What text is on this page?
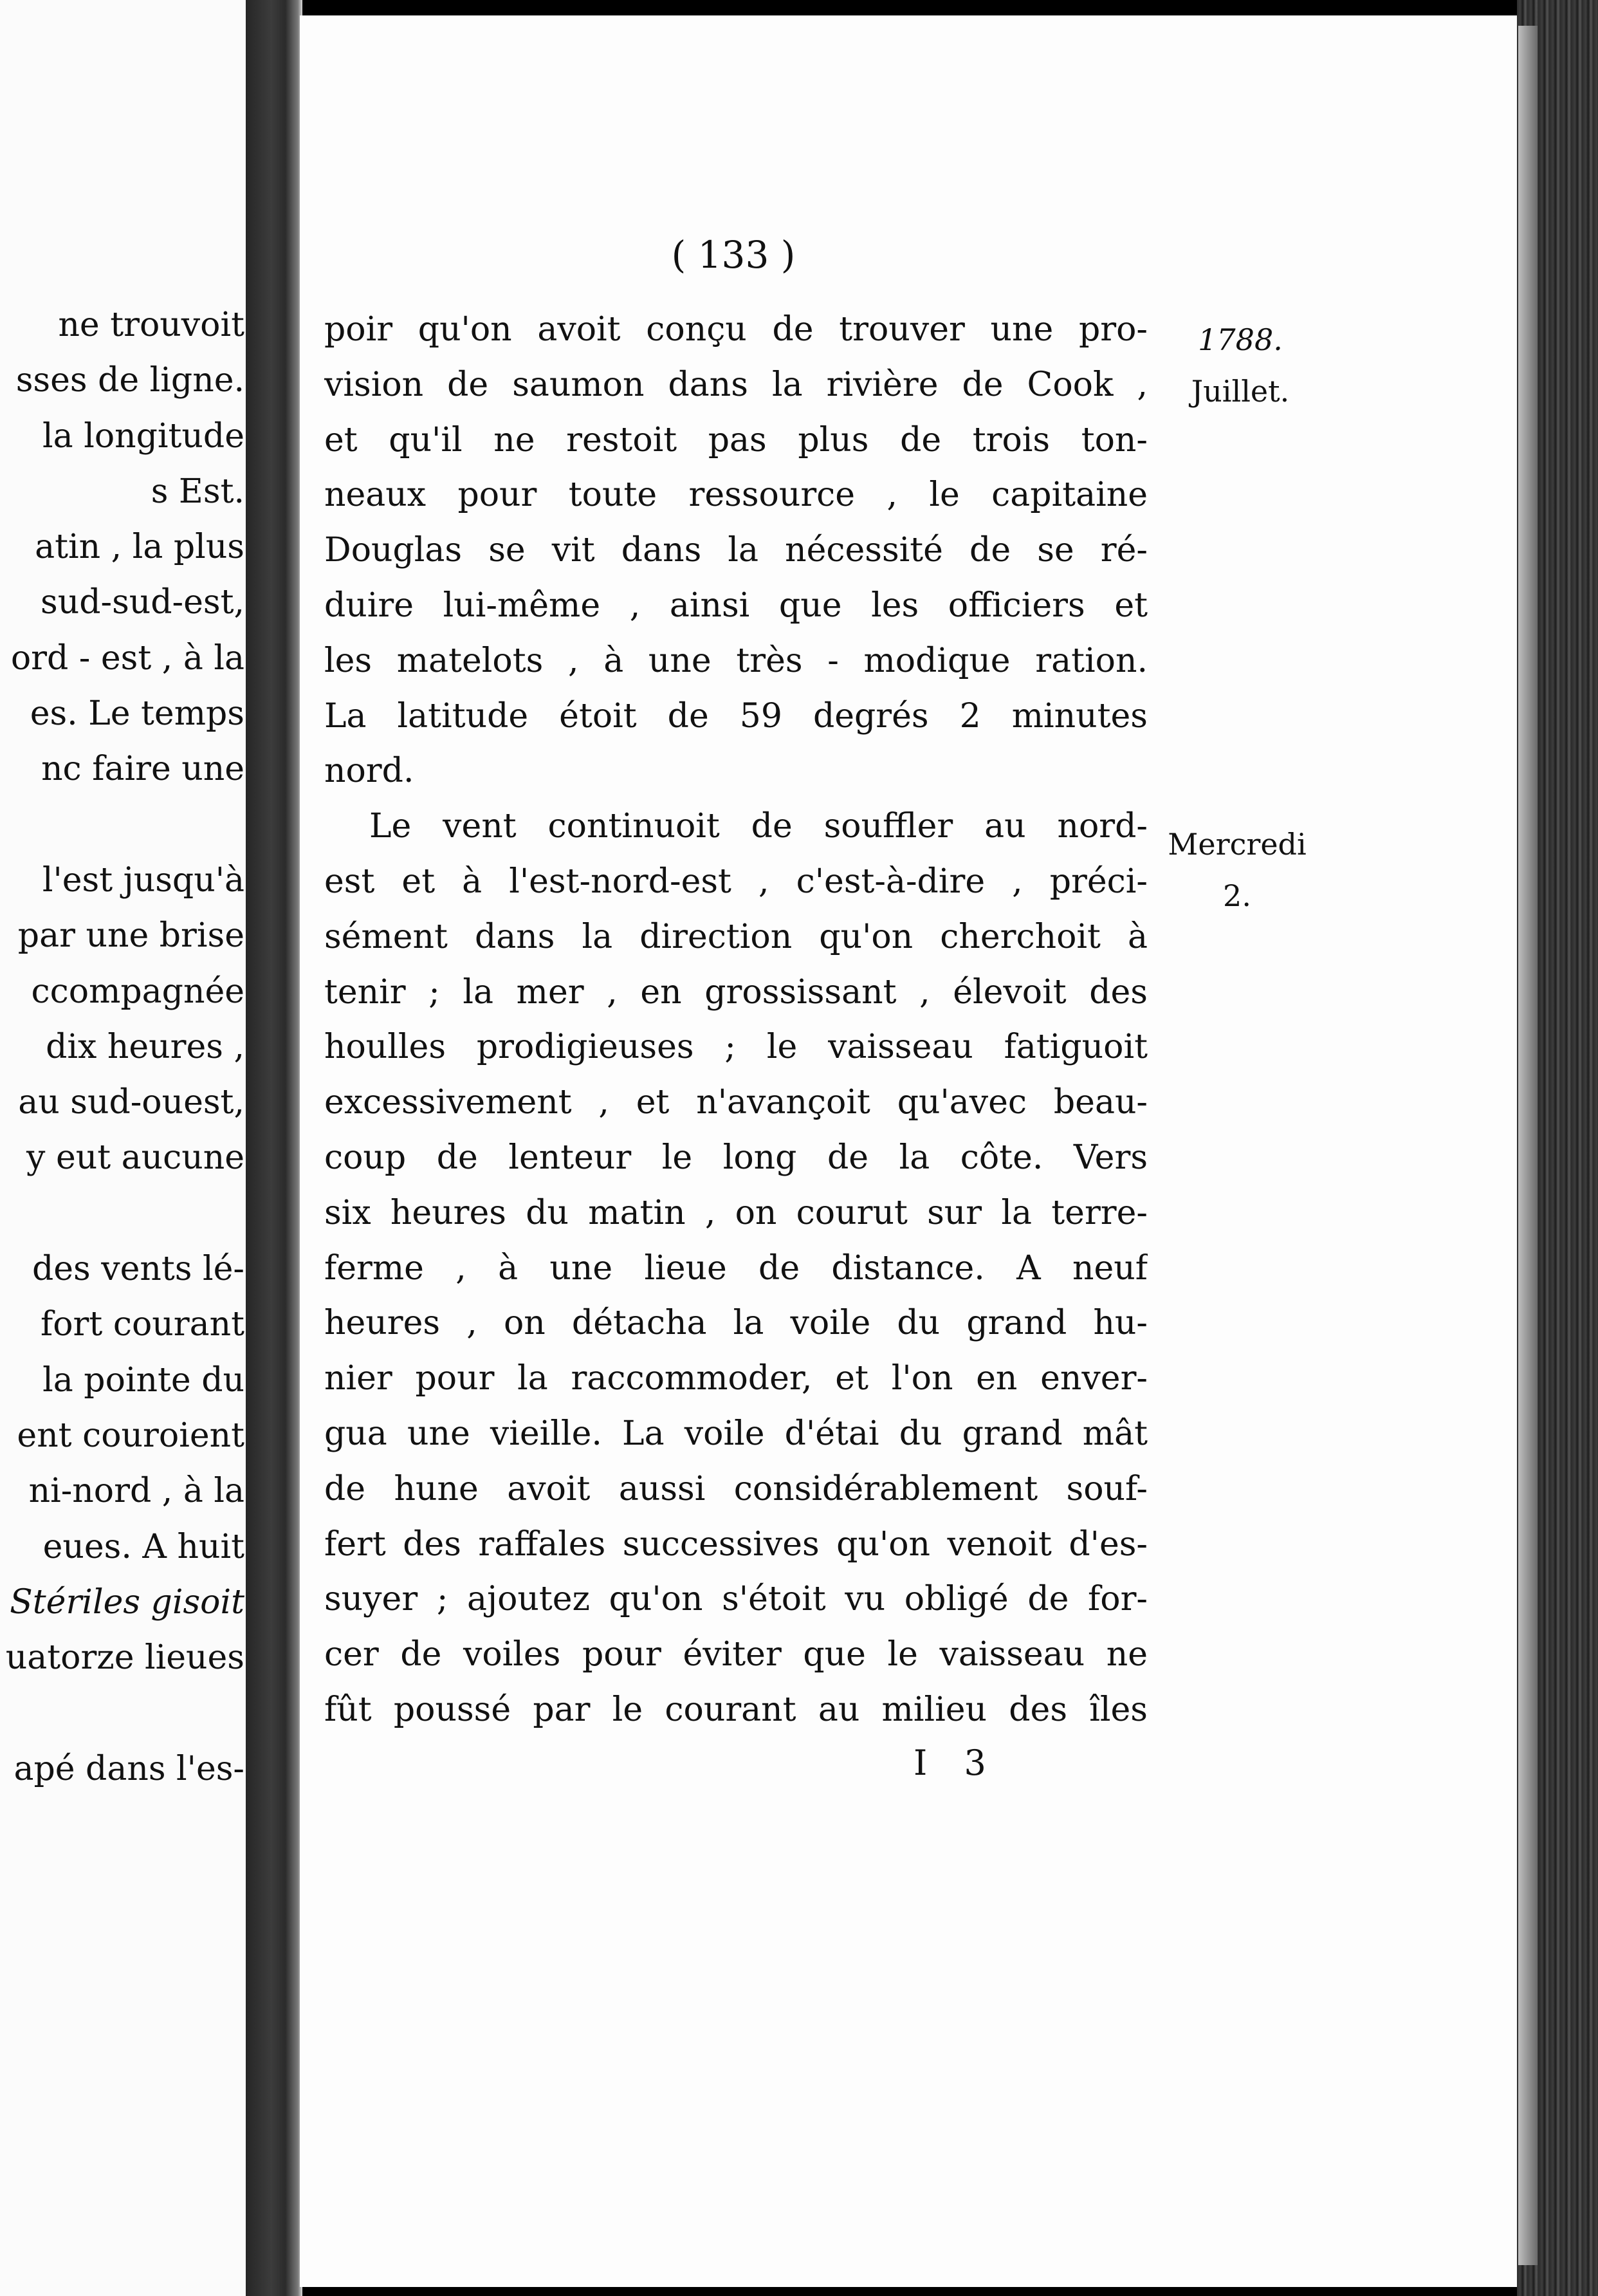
ne trouvoit
sses de ligne.
la longitude
s Est.
atin , la plus
sud-sud-est,
ord - est , à la
es. Le temps
nc faire une
l'est jusqu'à
par une brise
ccompagnée
dix heures ,
au sud-ouest,
y eut aucune
des vents lé-
fort courant
la pointe du
ent couroient
ni-nord , à la
eues. A huit
Stériles gisoit
uatorze lieues
apé dans l'es-
( 133 )
poir qu'on avoit conçu de trouver une pro-
vision de saumon dans la rivière de Cook ,
et qu'il ne restoit pas plus de trois ton-
neaux pour toute ressource , le capitaine
Douglas se vit dans la nécessité de se ré-
duire lui-même , ainsi que les officiers et
les matelots , à une très - modique ration.
La latitude étoit de 59 degrés 2 minutes
nord.
Le vent continuoit de souffler au nord-
est et à l'est-nord-est , c'est-à-dire , préci-
sément dans la direction qu'on cherchoit à
tenir ; la mer , en grossissant , élevoit des
houlles prodigieuses ; le vaisseau fatiguoit
excessivement , et n'avançoit qu'avec beau-
coup de lenteur le long de la côte. Vers
six heures du matin , on courut sur la terre-
ferme , à une lieue de distance. A neuf
heures , on détacha la voile du grand hu-
nier pour la raccommoder, et l'on en enver-
gua une vieille. La voile d'étai du grand mât
de hune avoit aussi considérablement souf-
fert des raffales successives qu'on venoit d'es-
suyer ; ajoutez qu'on s'étoit vu obligé de for-
cer de voiles pour éviter que le vaisseau ne
fût poussé par le courant au milieu des îles
I 3
1788.
Juillet.
Mercredi
2.
